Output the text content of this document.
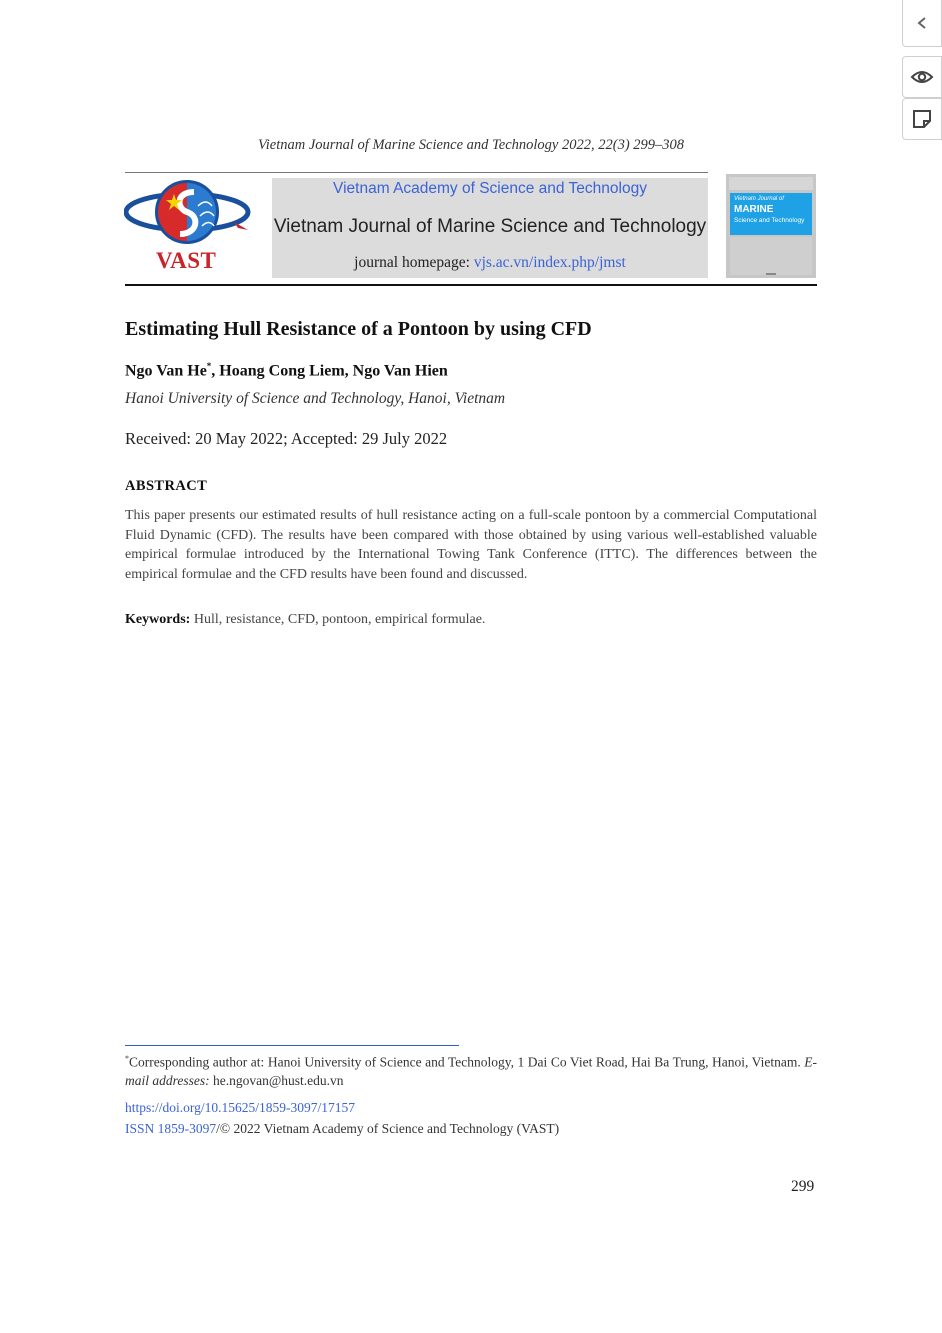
Vietnam Journal of Marine Science and Technology 2022, 22(3) 299–308
VAST
Vietnam Academy of Science and Technology
Vietnam Journal of Marine Science and Technology
journal homepage: vjs.ac.vn/index.php/jmst
Vietnam Journal of
MARINE
Science and Technology
Estimating Hull Resistance of a Pontoon by using CFD
Ngo Van He*, Hoang Cong Liem, Ngo Van Hien
Hanoi University of Science and Technology, Hanoi, Vietnam
Received: 20 May 2022; Accepted: 29 July 2022
ABSTRACT

This paper presents our estimated results of hull resistance acting on a full-scale pontoon by a commercial Computational Fluid Dynamic (CFD). The results have been compared with those obtained by using various well-established valuable empirical formulae introduced by the International Towing Tank Conference (ITTC). The differences between the empirical formulae and the CFD results have been found and discussed.

Keywords: Hull, resistance, CFD, pontoon, empirical formulae.

*Corresponding author at: Hanoi University of Science and Technology, 1 Dai Co Viet Road, Hai Ba Trung, Hanoi, Vietnam. E-mail addresses: he.ngovan@hust.edu.vn

https://doi.org/10.15625/1859-3097/17157
ISSN 1859-3097/© 2022 Vietnam Academy of Science and Technology (VAST)
299
